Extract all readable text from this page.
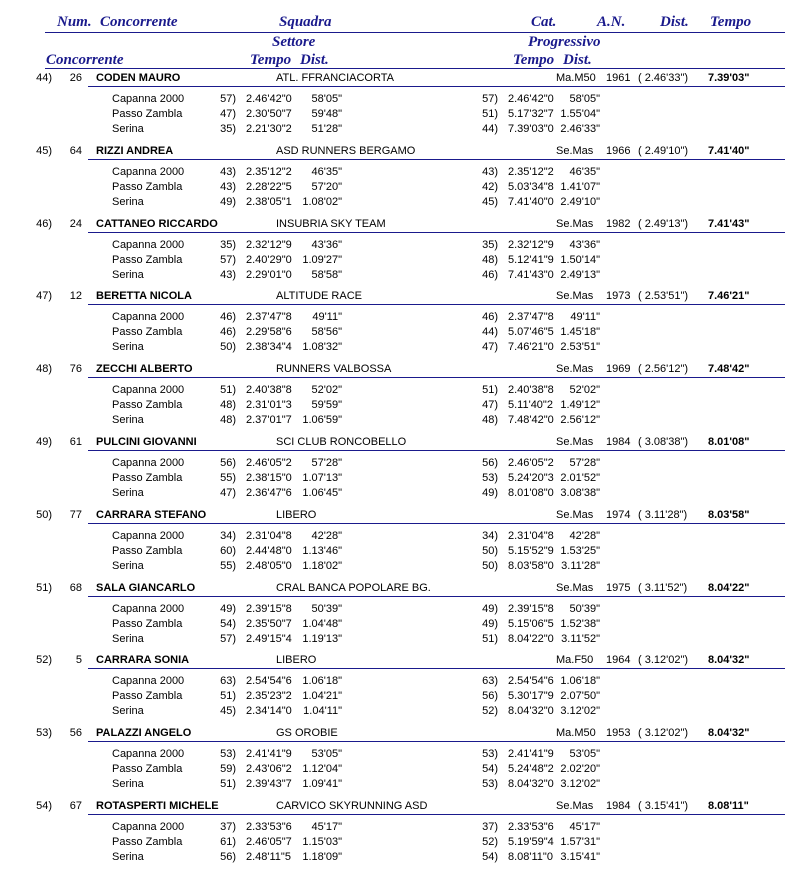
Num. Concorrente	Squadra	Cat.	A.N. Dist. Tempo
Settore	Progressivo
Concorrente	Tempo Dist.	Tempo Dist.
44)	26 CODEN MAURO	ATL. FFRANCIACORTA	Ma.M50 1961 ( 2.46'33") 7.39'03"
Capanna 2000	57) 2.46'42"0	58'05"	57) 2.46'42"0	58'05"
Passo Zambla	47) 2.30'50"7	59'48"	51) 5.17'32"7 1.55'04"
Serina	35) 2.21'30"2	51'28"	44) 7.39'03"0 2.46'33"
45)	64 RIZZI ANDREA	ASD RUNNERS BERGAMO	Se.Mas 1966 ( 2.49'10") 7.41'40"
Capanna 2000	43) 2.35'12"2	46'35"	43) 2.35'12"2	46'35"
Passo Zambla	43) 2.28'22"5	57'20"	42) 5.03'34"8 1.41'07"
Serina	49) 2.38'05"1 1.08'02"	45) 7.41'40"0 2.49'10"
46)	24 CATTANEO RICCARDO	INSUBRIA SKY TEAM	Se.Mas 1982 ( 2.49'13") 7.41'43"
Capanna 2000	35) 2.32'12"9	43'36"	35) 2.32'12"9	43'36"
Passo Zambla	57) 2.40'29"0 1.09'27"	48) 5.12'41"9 1.50'14"
Serina	43) 2.29'01"0	58'58"	46) 7.41'43"0 2.49'13"
47)	12 BERETTA NICOLA	ALTITUDE RACE	Se.Mas 1973 ( 2.53'51") 7.46'21"
Capanna 2000	46) 2.37'47"8	49'11"	46) 2.37'47"8	49'11"
Passo Zambla	46) 2.29'58"6	58'56"	44) 5.07'46"5 1.45'18"
Serina	50) 2.38'34"4 1.08'32"	47) 7.46'21"0 2.53'51"
48)	76 ZECCHI ALBERTO	RUNNERS VALBOSSA	Se.Mas 1969 ( 2.56'12") 7.48'42"
Capanna 2000	51) 2.40'38"8	52'02"	51) 2.40'38"8	52'02"
Passo Zambla	48) 2.31'01"3	59'59"	47) 5.11'40"2 1.49'12"
Serina	48) 2.37'01"7 1.06'59"	48) 7.48'42"0 2.56'12"
49)	61 PULCINI GIOVANNI	SCI CLUB RONCOBELLO	Se.Mas 1984 ( 3.08'38") 8.01'08"
Capanna 2000	56) 2.46'05"2	57'28"	56) 2.46'05"2	57'28"
Passo Zambla	55) 2.38'15"0 1.07'13"	53) 5.24'20"3 2.01'52"
Serina	47) 2.36'47"6 1.06'45"	49) 8.01'08"0 3.08'38"
50)	77 CARRARA STEFANO	LIBERO	Se.Mas 1974 ( 3.11'28") 8.03'58"
Capanna 2000	34) 2.31'04"8	42'28"	34) 2.31'04"8	42'28"
Passo Zambla	60) 2.44'48"0 1.13'46"	50) 5.15'52"9 1.53'25"
Serina	55) 2.48'05"0 1.18'02"	50) 8.03'58"0 3.11'28"
51)	68 SALA GIANCARLO	CRAL BANCA POPOLARE BG.	Se.Mas 1975 ( 3.11'52") 8.04'22"
Capanna 2000	49) 2.39'15"8	50'39"	49) 2.39'15"8	50'39"
Passo Zambla	54) 2.35'50"7 1.04'48"	49) 5.15'06"5 1.52'38"
Serina	57) 2.49'15"4 1.19'13"	51) 8.04'22"0 3.11'52"
52)	5 CARRARA SONIA	LIBERO	Ma.F50 1964 ( 3.12'02") 8.04'32"
Capanna 2000	63) 2.54'54"6 1.06'18"	63) 2.54'54"6 1.06'18"
Passo Zambla	51) 2.35'23"2 1.04'21"	56) 5.30'17"9 2.07'50"
Serina	45) 2.34'14"0	1.04'11"	52) 8.04'32"0 3.12'02"
53)	56 PALAZZI ANGELO	GS OROBIE	Ma.M50 1953 ( 3.12'02") 8.04'32"
Capanna 2000	53) 2.41'41"9	53'05"	53) 2.41'41"9	53'05"
Passo Zambla	59) 2.43'06"2 1.12'04"	54) 5.24'48"2 2.02'20"
Serina	51) 2.39'43"7 1.09'41"	53) 8.04'32"0 3.12'02"
54)	67 ROTASPERTI MICHELE	CARVICO SKYRUNNING ASD	Se.Mas 1984 ( 3.15'41") 8.08'11"
Capanna 2000	37) 2.33'53"6	45'17"	37) 2.33'53"6	45'17"
Passo Zambla	61) 2.46'05"7 1.15'03"	52) 5.19'59"4 1.57'31"
Serina	56) 2.48'11"5	1.18'09"	54) 8.08'11"0 3.15'41"
